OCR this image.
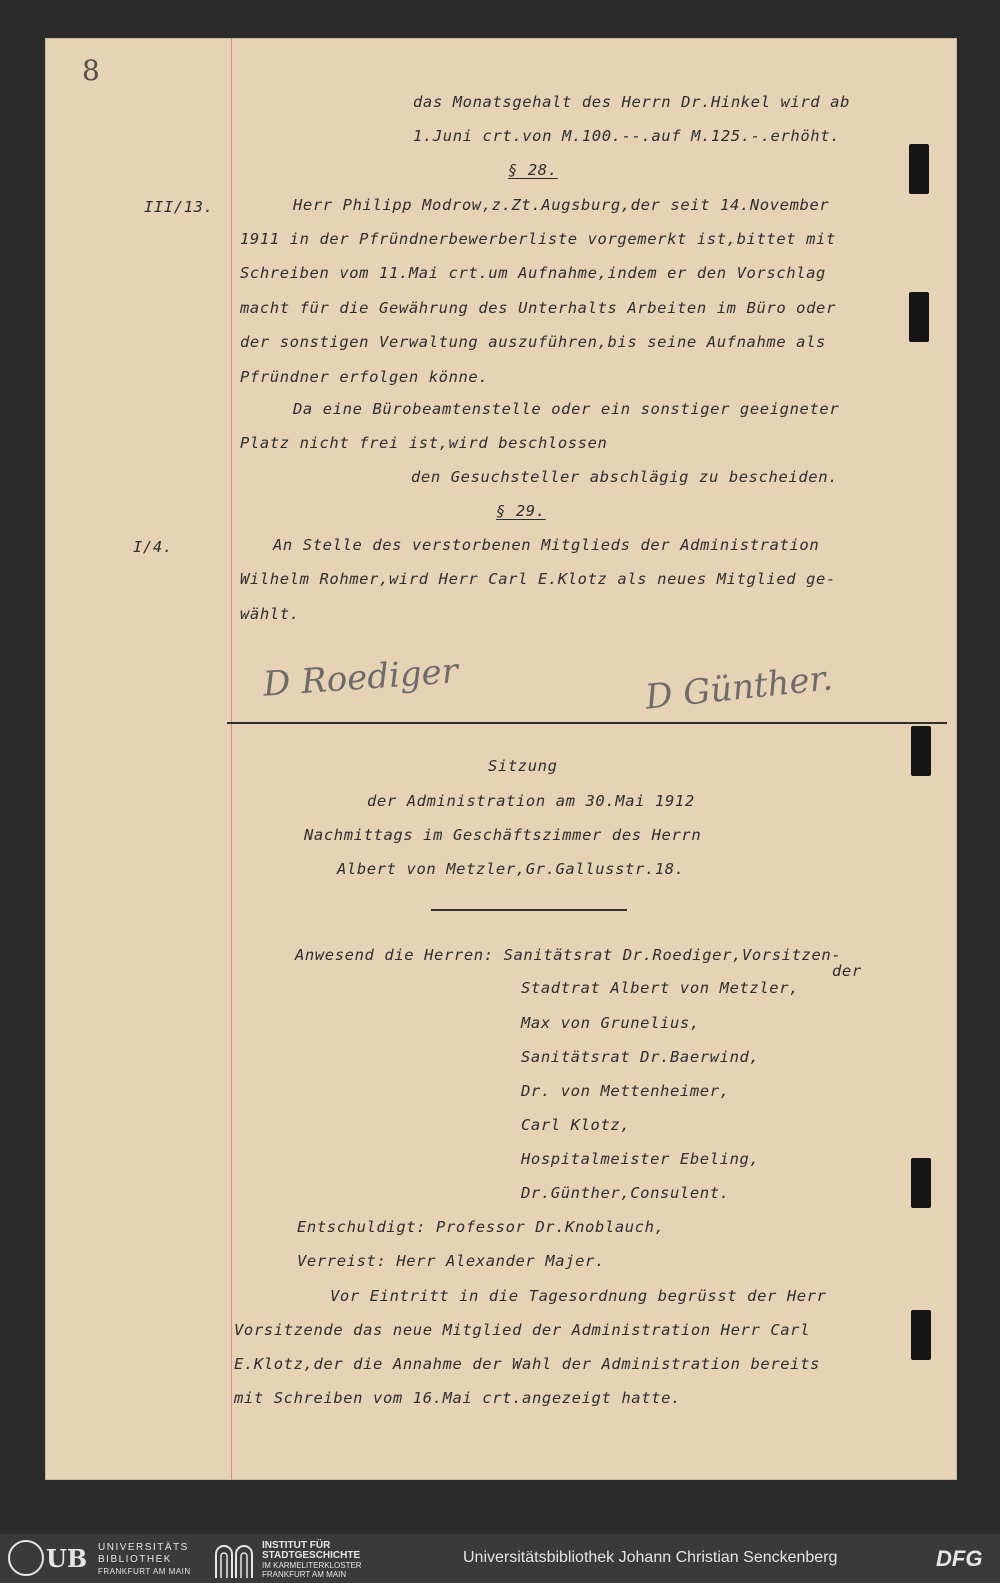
8
das Monatsgehalt des Herrn Dr.Hinkel wird ab
1.Juni crt.von M.100.--.auf M.125.-.erhöht.
§ 28.
III/13.	Herr Philipp Modrow,z.Zt.Augsburg,der seit 14.November
1911 in der Pfründnerbewerberliste vorgemerkt ist,bittet mit
Schreiben vom 11.Mai crt.um Aufnahme,indem er den Vorschlag
macht für die Gewährung des Unterhalts Arbeiten im Büro oder
der sonstigen Verwaltung auszuführen,bis seine Aufnahme als
Pfründner erfolgen könne.
Da eine Bürobeamtenstelle oder ein sonstiger geeigneter
Platz nicht frei ist,wird beschlossen
den Gesuchsteller abschlägig zu bescheiden.
§ 29.
I/4.	An Stelle des verstorbenen Mitglieds der Administration
Wilhelm Rohmer,wird Herr Carl E.Klotz als neues Mitglied ge-
wählt.
D Roediger	D Günther.
Sitzung
der Administration am 30.Mai 1912
Nachmittags im Geschäftszimmer des Herrn
Albert von Metzler,Gr.Gallusstr.18.
Anwesend die Herren: Sanitätsrat Dr.Roediger,Vorsitzen-
der
Stadtrat Albert von Metzler,
Max von Grunelius,
Sanitätsrat Dr.Baerwind,
Dr. von Mettenheimer,
Carl Klotz,
Hospitalmeister Ebeling,
Dr.Günther,Consulent.
Entschuldigt: Professor Dr.Knoblauch,
Verreist: Herr Alexander Majer.
Vor Eintritt in die Tagesordnung begrüsst der Herr
Vorsitzende das neue Mitglied der Administration Herr Carl
E.Klotz,der die Annahme der Wahl der Administration bereits
mit Schreiben vom 16.Mai crt.angezeigt hatte.
UB UNIVERSITÄTS
BIBLIOTHEK
FRANKFURT AM MAIN
INSTITUT FÜR
STADTGESCHICHTE
IM KARMELITERKLOSTER
FRANKFURT AM MAIN
Universitätsbibliothek Johann Christian Senckenberg	DFG
